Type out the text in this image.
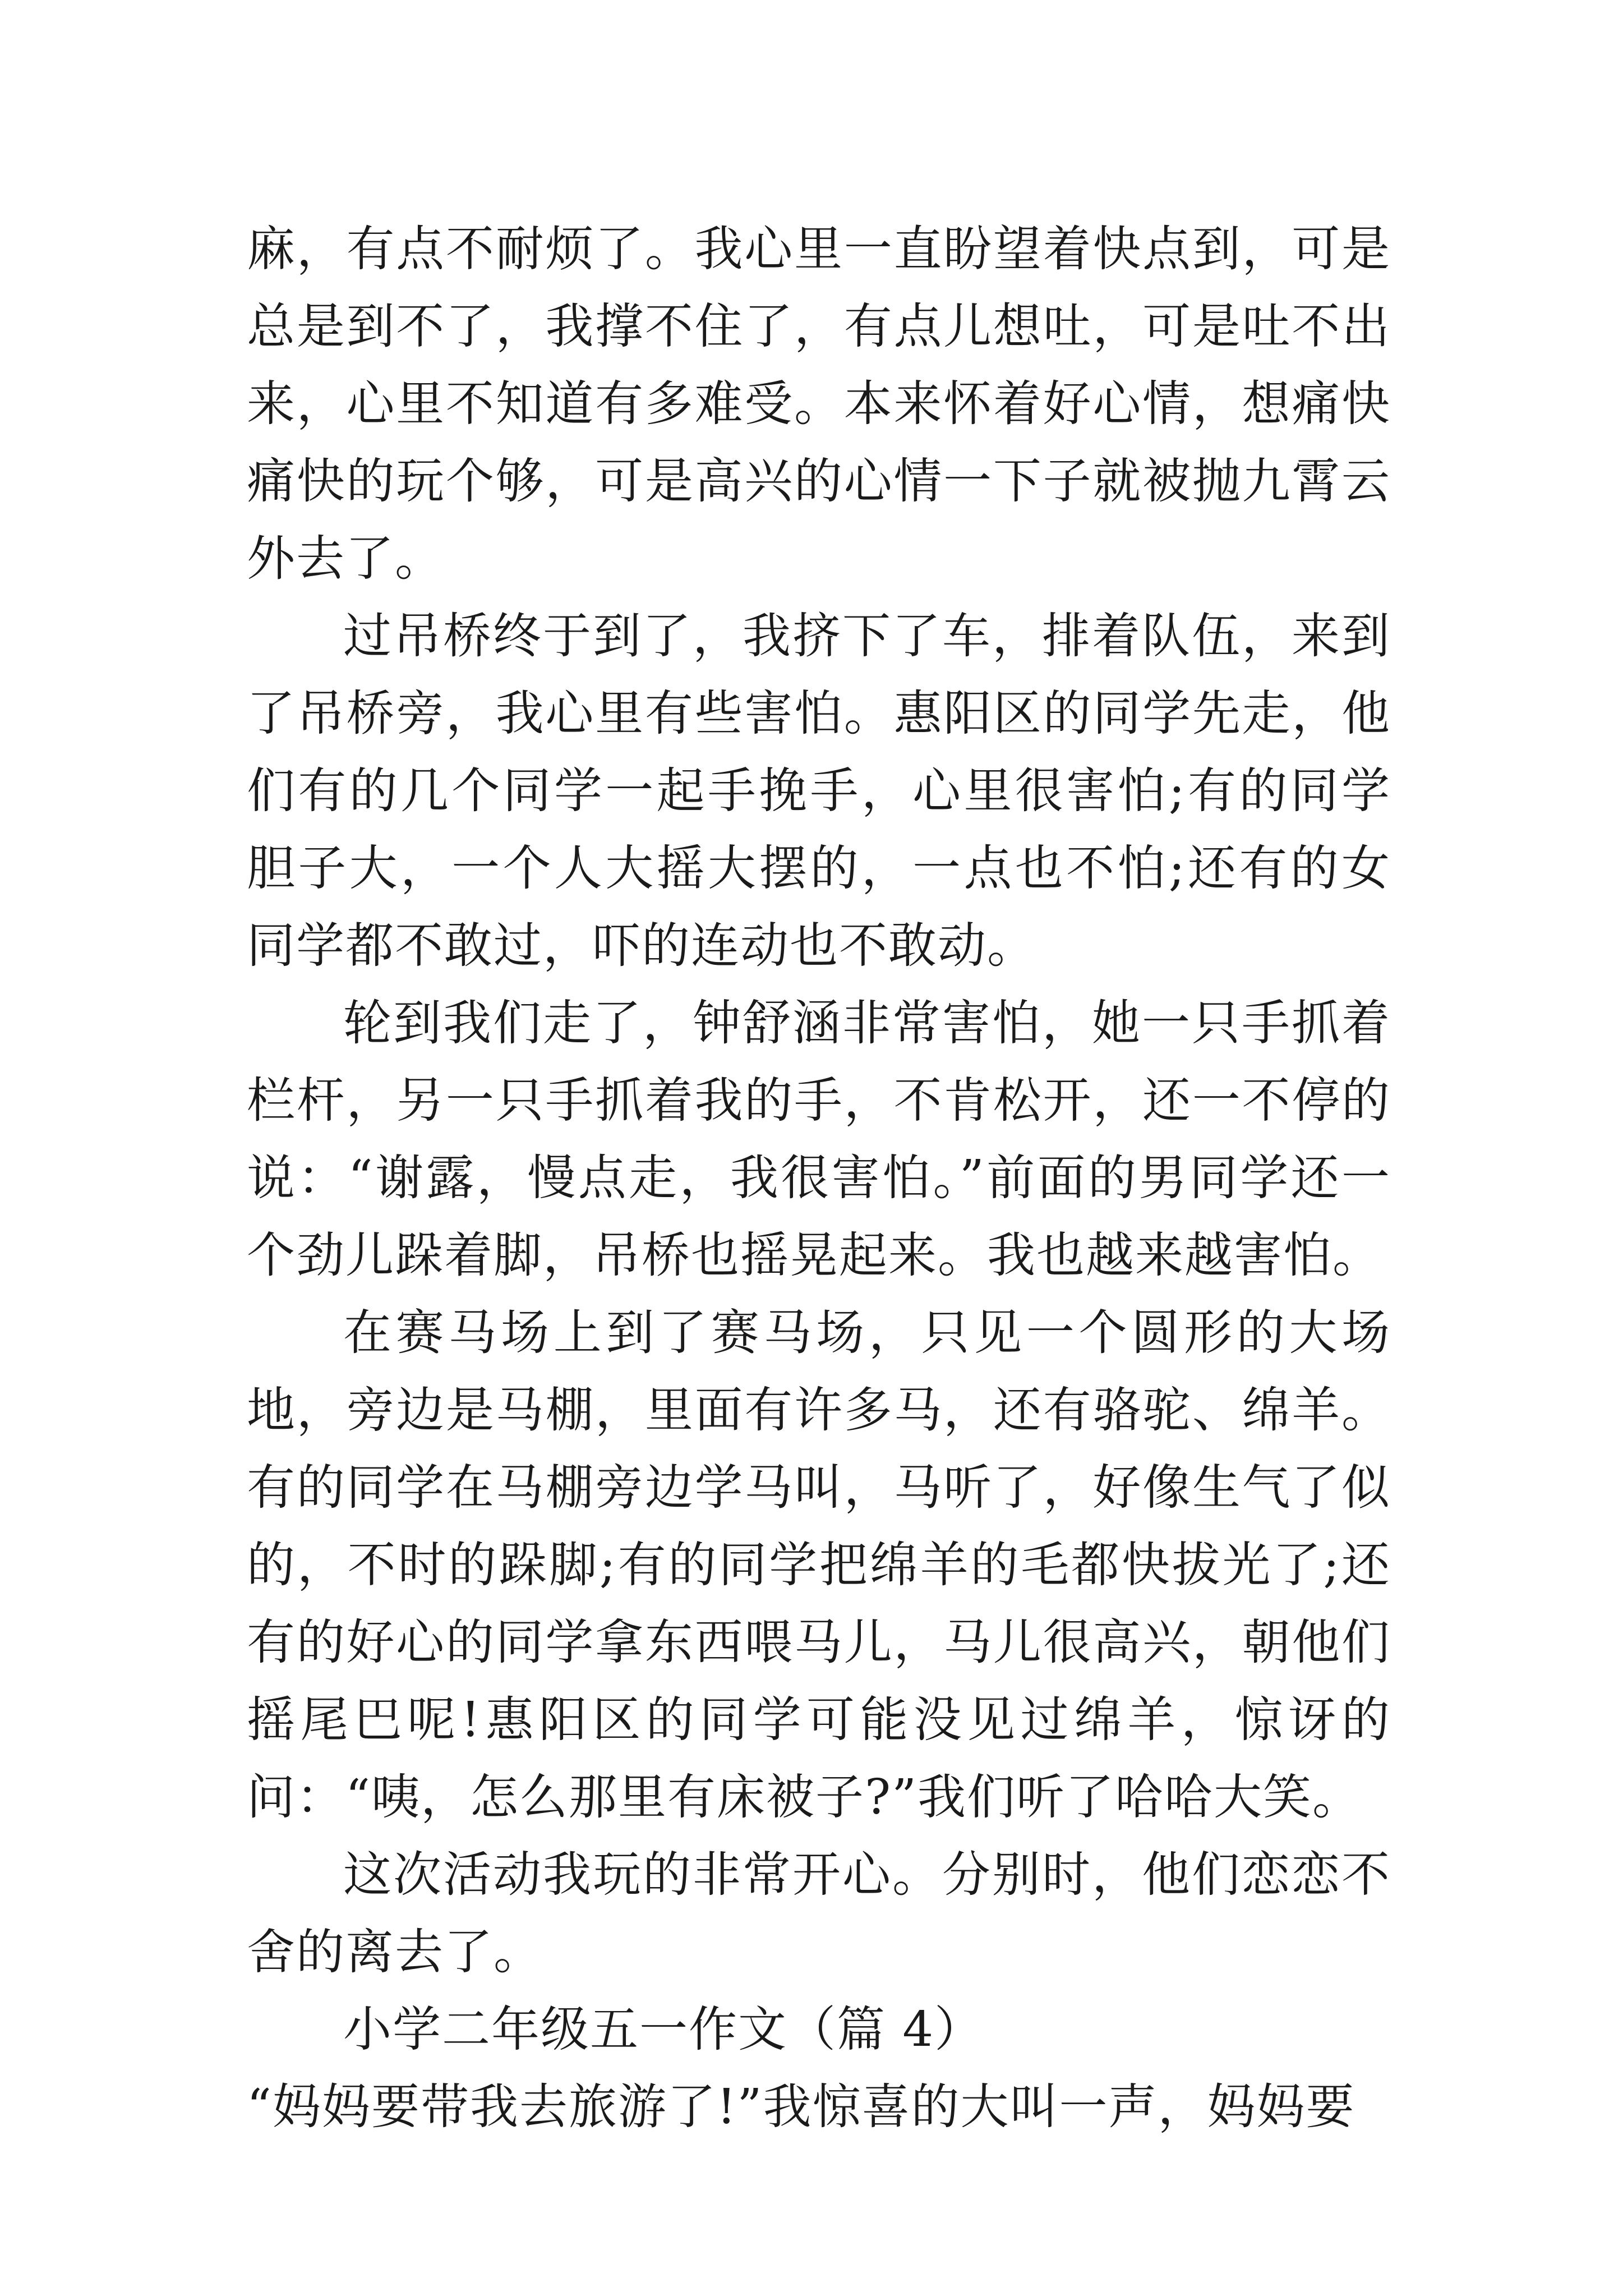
麻，有点不耐烦了。我心里一直盼望着快点到，可是总是到不了，我撑不住了，有点儿想吐，可是吐不出来，心里不知道有多难受。本来怀着好心情，想痛快痛快的玩个够，可是高兴的心情一下子就被抛九霄云外去了。

过吊桥终于到了，我挤下了车，排着队伍，来到了吊桥旁，我心里有些害怕。惠阳区的同学先走，他们有的几个同学一起手挽手，心里很害怕;有的同学胆子大，一个人大摇大摆的，一点也不怕;还有的女同学都不敢过，吓的连动也不敢动。

轮到我们走了，钟舒涵非常害怕，她一只手抓着栏杆，另一只手抓着我的手，不肯松开，还一不停的说：“谢露，慢点走，我很害怕。”前面的男同学还一个劲儿跺着脚，吊桥也摇晃起来。我也越来越害怕。

在赛马场上到了赛马场，只见一个圆形的大场地，旁边是马棚，里面有许多马，还有骆驼、绵羊。有的同学在马棚旁边学马叫，马听了，好像生气了似的，不时的跺脚;有的同学把绵羊的毛都快拔光了;还有的好心的同学拿东西喂马儿，马儿很高兴，朝他们摇尾巴呢!惠阳区的同学可能没见过绵羊，惊讶的问：“咦，怎么那里有床被子?”我们听了哈哈大笑。

这次活动我玩的非常开心。分别时，他们恋恋不舍的离去了。

小学二年级五一作文（篇 4）

“妈妈要带我去旅游了!”我惊喜的大叫一声，妈妈要
